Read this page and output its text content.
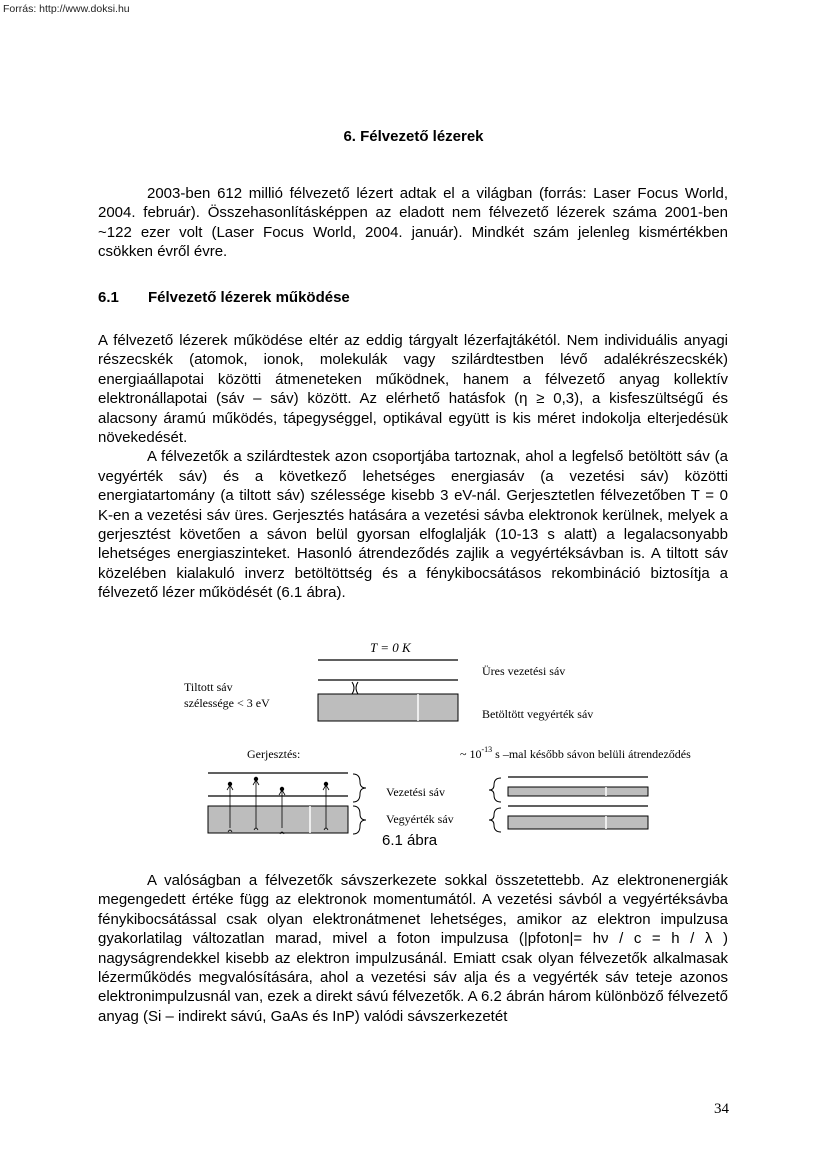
Forrás: http://www.doksi.hu
6. Félvezető lézerek

2003-ben 612 millió félvezető lézert adtak el a világban (forrás: Laser Focus World, 2004. február). Összehasonlításképpen az eladott nem félvezető lézerek száma 2001-ben ~122 ezer volt (Laser Focus World, 2004. január). Mindkét szám jelenleg kismértékben csökken évről évre.

6.1 Félvezető lézerek működése

A félvezető lézerek működése eltér az eddig tárgyalt lézerfajtákétól. Nem individuális anyagi részecskék (atomok, ionok, molekulák vagy szilárdtestben lévő adalékrészecskék) energiaállapotai közötti átmeneteken működnek, hanem a félvezető anyag kollektív elektronállapotai (sáv – sáv) között. Az elérhető hatásfok (η ≥ 0,3), a kisfeszültségű és alacsony áramú működés, tápegységgel, optikával együtt is kis méret indokolja elterjedésük növekedését.

A félvezetők a szilárdtestek azon csoportjába tartoznak, ahol a legfelső betöltött sáv (a vegyérték sáv) és a következő lehetséges energiasáv (a vezetési sáv) közötti energiatartomány (a tiltott sáv) szélessége kisebb 3 eV-nál. Gerjesztetlen félvezetőben T = 0 K-en a vezetési sáv üres. Gerjesztés hatására a vezetési sávba elektronok kerülnek, melyek a gerjesztést követően a sávon belül gyorsan elfoglalják (10-13 s alatt) a legalacsonyabb lehetséges energiaszinteket. Hasonló átrendeződés zajlik a vegyértéksávban is. A tiltott sáv közelében kialakuló inverz betöltöttség és a fénykibocsátásos rekombináció biztosítja a félvezető lézer működését (6.1 ábra).

T = 0 K
Üres vezetési sáv
Tiltott sáv
szélessége < 3 eV
Betöltött vegyérték sáv
Gerjesztés:
Vezetési sáv
Vegyérték sáv
~ $10^{-13}$ s –mal később sávon belüli átrendeződés
6.1 ábra

A valóságban a félvezetők sávszerkezete sokkal összetettebb. Az elektronenergiák megengedett értéke függ az elektronok momentumától. A vezetési sávból a vegyértéksávba fénykibocsátással csak olyan elektronátmenet lehetséges, amikor az elektron impulzusa gyakorlatilag változatlan marad, mivel a foton impulzusa (|pfoton|= hν / c = h / λ ) nagyságrendekkel kisebb az elektron impulzusánál. Emiatt csak olyan félvezetők alkalmasak lézerműködés megvalósítására, ahol a vezetési sáv alja és a vegyérték sáv teteje azonos elektronimpulzusnál van, ezek a direkt sávú félvezetők. A 6.2 ábrán három különböző félvezető anyag (Si – indirekt sávú, GaAs és InP) valódi sávszerkezetét

34
